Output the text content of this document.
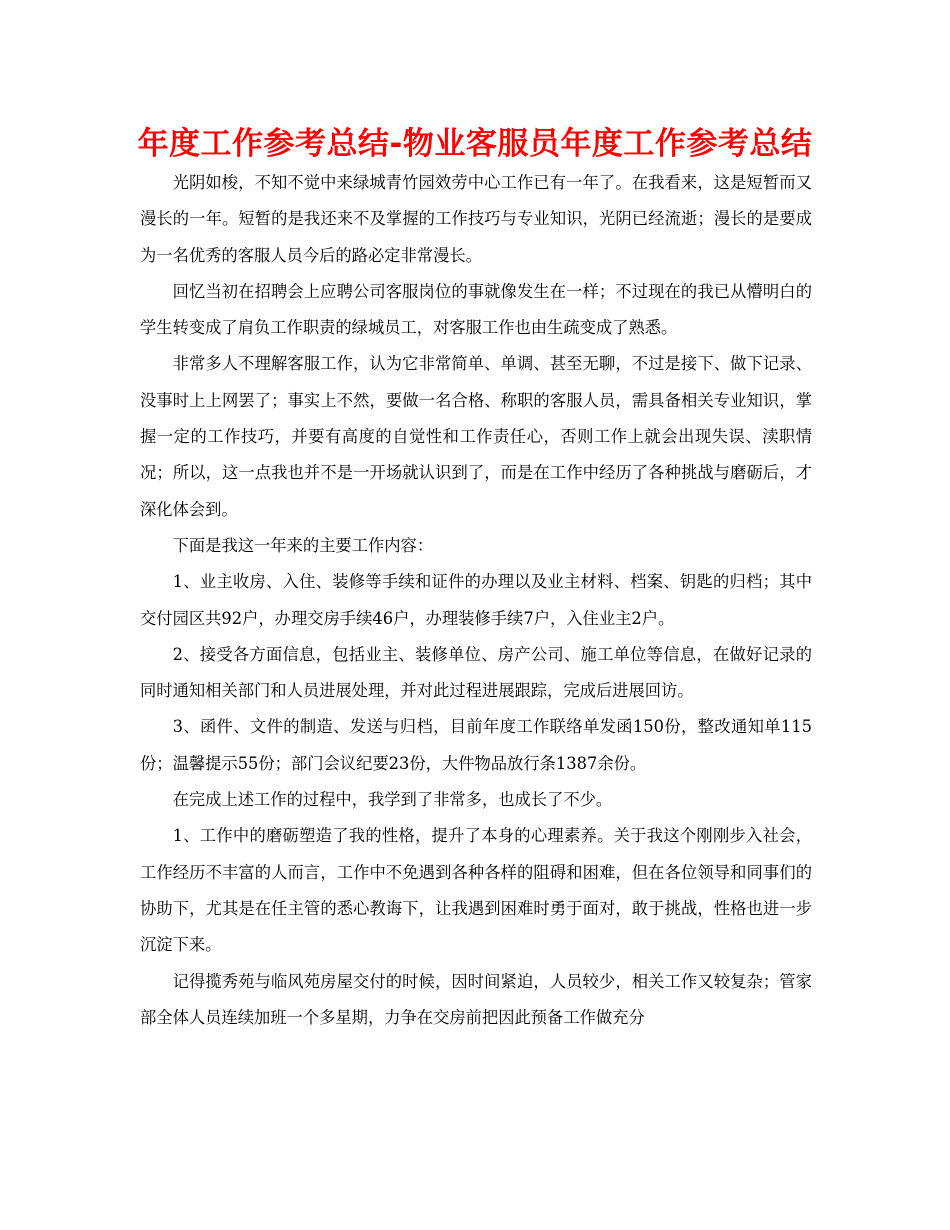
年度工作参考总结-物业客服员年度工作参考总结

光阴如梭，不知不觉中来绿城青竹园效劳中心工作已有一年了。在我看来，这是短暂而又漫长的一年。短暂的是我还来不及掌握的工作技巧与专业知识，光阴已经流逝；漫长的是要成为一名优秀的客服人员今后的路必定非常漫长。

回忆当初在招聘会上应聘公司客服岗位的事就像发生在一样；不过现在的我已从懵明白的学生转变成了肩负工作职责的绿城员工，对客服工作也由生疏变成了熟悉。

非常多人不理解客服工作，认为它非常简单、单调、甚至无聊，不过是接下、做下记录、没事时上上网罢了；事实上不然，要做一名合格、称职的客服人员，需具备相关专业知识，掌握一定的工作技巧，并要有高度的自觉性和工作责任心，否则工作上就会出现失误、渎职情况；所以，这一点我也并不是一开场就认识到了，而是在工作中经历了各种挑战与磨砺后，才深化体会到。

下面是我这一年来的主要工作内容：

1、业主收房、入住、装修等手续和证件的办理以及业主材料、档案、钥匙的归档；其中交付园区共92户，办理交房手续46户，办理装修手续7户，入住业主2户。

2、接受各方面信息，包括业主、装修单位、房产公司、施工单位等信息，在做好记录的同时通知相关部门和人员进展处理，并对此过程进展跟踪，完成后进展回访。

3、函件、文件的制造、发送与归档，目前年度工作联络单发函150份，整改通知单115份；温馨提示55份；部门会议纪要23份，大件物品放行条1387余份。

在完成上述工作的过程中，我学到了非常多，也成长了不少。

1、工作中的磨砺塑造了我的性格，提升了本身的心理素养。关于我这个刚刚步入社会，工作经历不丰富的人而言，工作中不免遇到各种各样的阻碍和困难，但在各位领导和同事们的协助下，尤其是在任主管的悉心教诲下，让我遇到困难时勇于面对，敢于挑战，性格也进一步沉淀下来。

记得揽秀苑与临风苑房屋交付的时候，因时间紧迫，人员较少，相关工作又较复杂；管家部全体人员连续加班一个多星期，力争在交房前把因此预备工作做充分
